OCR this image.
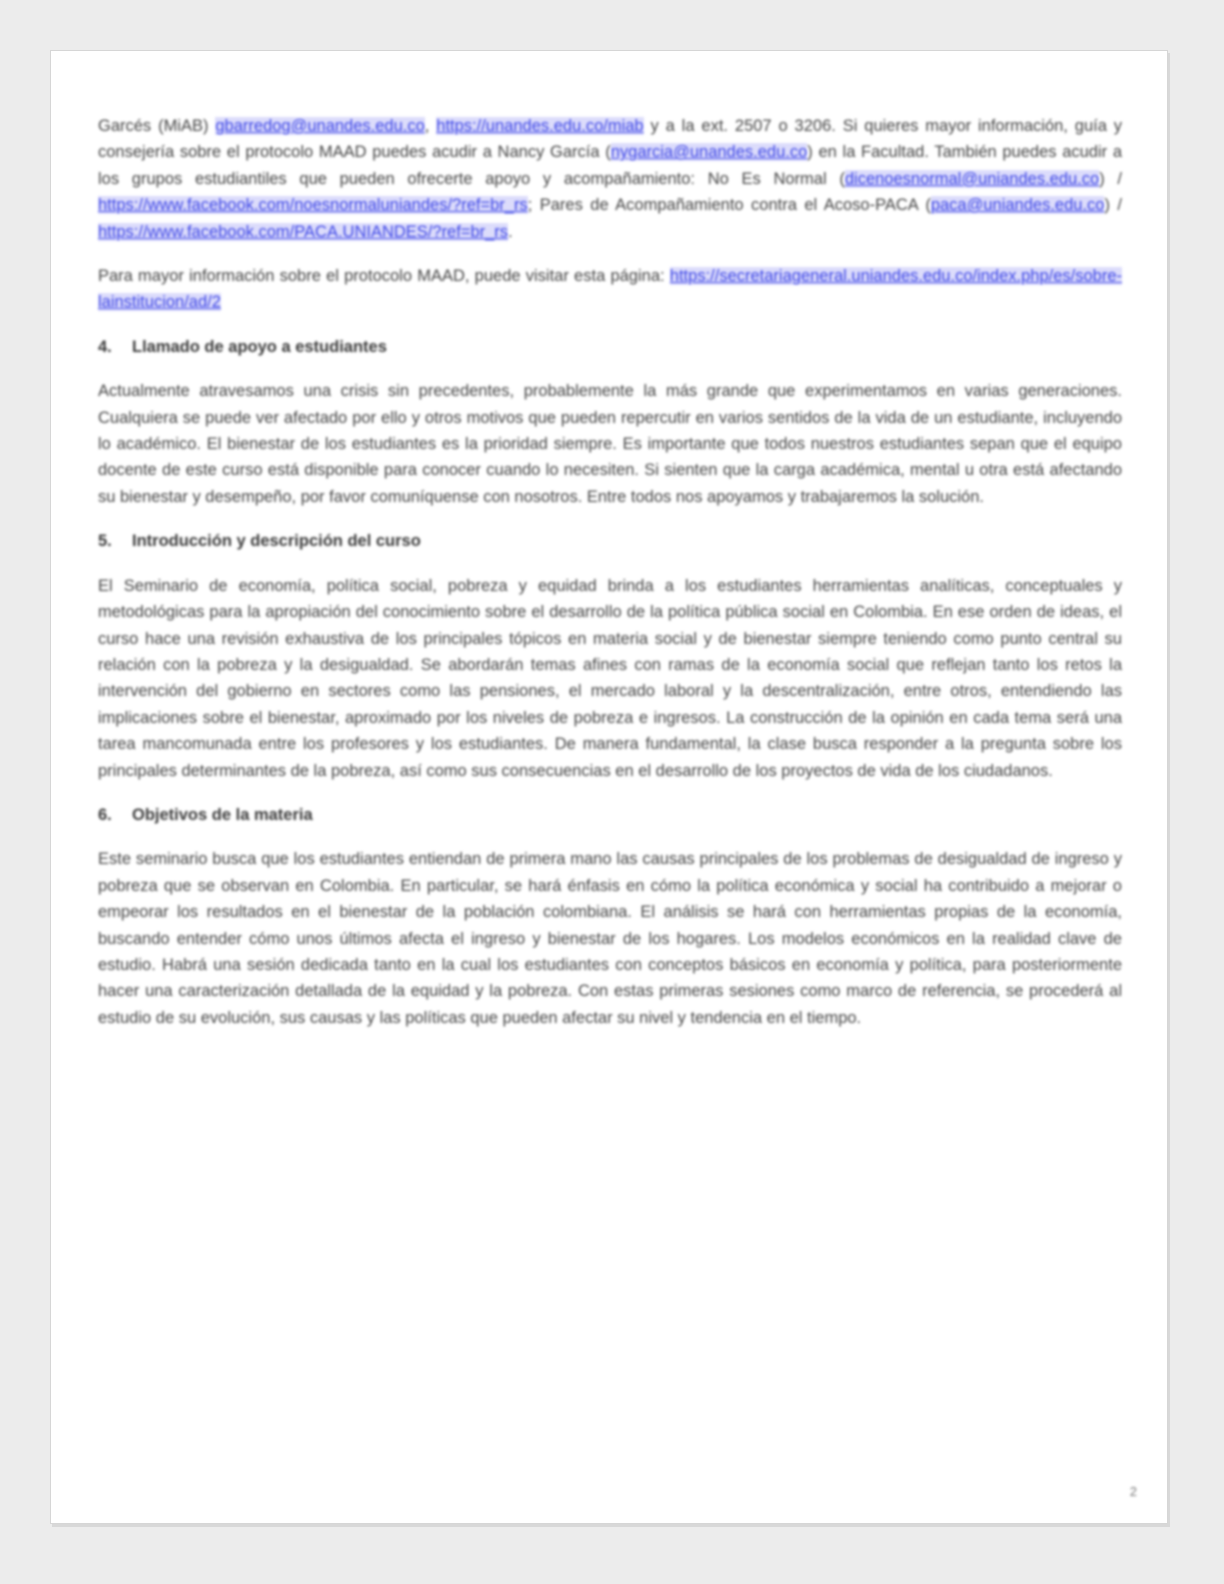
Garcés (MiAB) gbarredog@unandes.edu.co, https://unandes.edu.co/miab y a la ext. 2507 o 3206. Si quieres mayor información, guía y consejería sobre el protocolo MAAD puedes acudir a Nancy García (nygarcia@unandes.edu.co) en la Facultad. También puedes acudir a los grupos estudiantiles que pueden ofrecerte apoyo y acompañamiento: No Es Normal (dicenoesnormal@uniandes.edu.co) / https://www.facebook.com/noesnormaluniandes/?ref=br_rs; Pares de Acompañamiento contra el Acoso-PACA (paca@uniandes.edu.co) / https://www.facebook.com/PACA.UNIANDES/?ref=br_rs.

Para mayor información sobre el protocolo MAAD, puede visitar esta página: https://secretariageneral.uniandes.edu.co/index.php/es/sobre-lainstitucion/ad/2

4. Llamado de apoyo a estudiantes

Actualmente atravesamos una crisis sin precedentes, probablemente la más grande que experimentamos en varias generaciones. Cualquiera se puede ver afectado por ello y otros motivos que pueden repercutir en varios sentidos de la vida de un estudiante, incluyendo lo académico. El bienestar de los estudiantes es la prioridad siempre. Es importante que todos nuestros estudiantes sepan que el equipo docente de este curso está disponible para conocer cuando lo necesiten. Si sienten que la carga académica, mental u otra está afectando su bienestar y desempeño, por favor comuníquense con nosotros. Entre todos nos apoyamos y trabajaremos la solución.

5. Introducción y descripción del curso

El Seminario de economía, política social, pobreza y equidad brinda a los estudiantes herramientas analíticas, conceptuales y metodológicas para la apropiación del conocimiento sobre el desarrollo de la política pública social en Colombia. En ese orden de ideas, el curso hace una revisión exhaustiva de los principales tópicos en materia social y de bienestar siempre teniendo como punto central su relación con la pobreza y la desigualdad. Se abordarán temas afines con ramas de la economía social que reflejan tanto los retos la intervención del gobierno en sectores como las pensiones, el mercado laboral y la descentralización, entre otros, entendiendo las implicaciones sobre el bienestar, aproximado por los niveles de pobreza e ingresos. La construcción de la opinión en cada tema será una tarea mancomunada entre los profesores y los estudiantes. De manera fundamental, la clase busca responder a la pregunta sobre los principales determinantes de la pobreza, así como sus consecuencias en el desarrollo de los proyectos de vida de los ciudadanos.

6. Objetivos de la materia

Este seminario busca que los estudiantes entiendan de primera mano las causas principales de los problemas de desigualdad de ingreso y pobreza que se observan en Colombia. En particular, se hará énfasis en cómo la política económica y social ha contribuido a mejorar o empeorar los resultados en el bienestar de la población colombiana. El análisis se hará con herramientas propias de la economía, buscando entender cómo unos últimos afecta el ingreso y bienestar de los hogares. Los modelos económicos en la realidad clave de estudio. Habrá una sesión dedicada tanto en la cual los estudiantes con conceptos básicos en economía y política, para posteriormente hacer una caracterización detallada de la equidad y la pobreza. Con estas primeras sesiones como marco de referencia, se procederá al estudio de su evolución, sus causas y las políticas que pueden afectar su nivel y tendencia en el tiempo.

2
